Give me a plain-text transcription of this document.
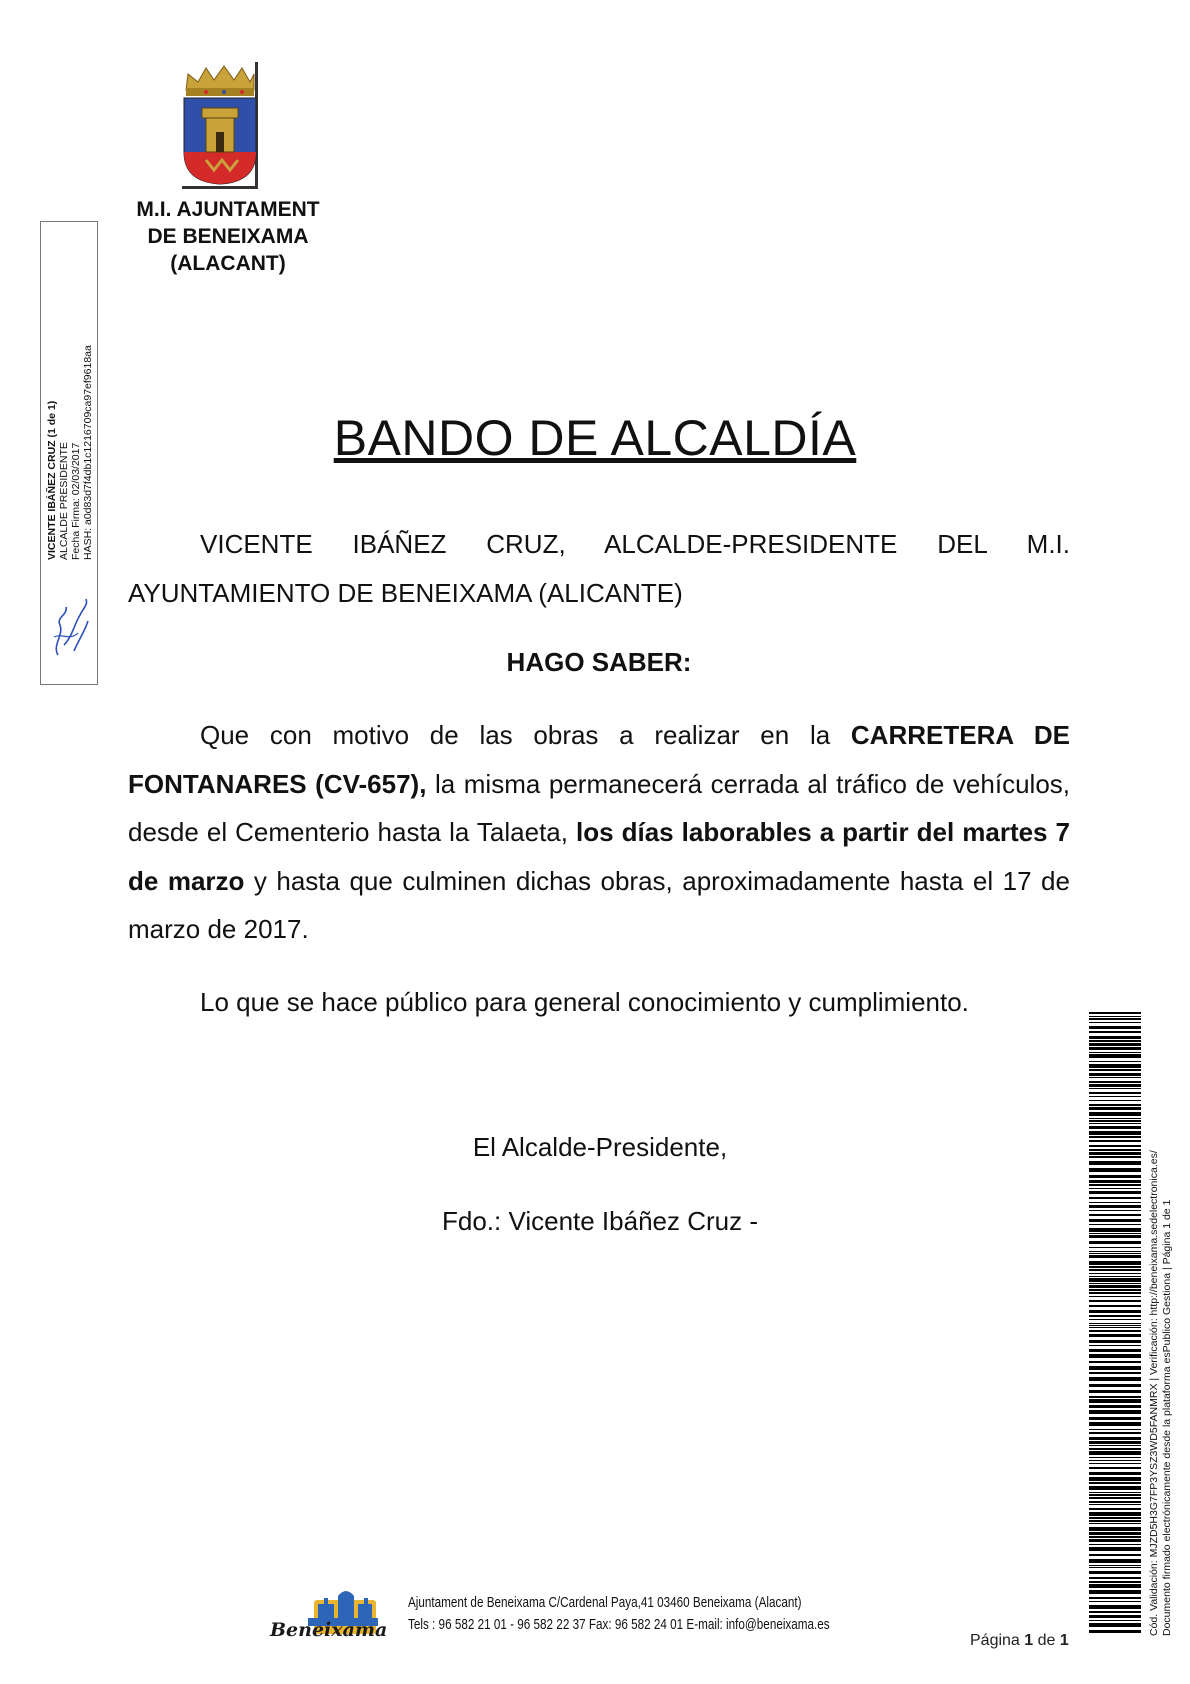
M.I. AJUNTAMENT
DE BENEIXAMA
(ALACANT)
VICENTE IBÁÑEZ CRUZ (1 de 1) ALCALDE PRESIDENTE Fecha Firma: 02/03/2017 HASH: a0d83d7f4db1c1216709ca97ef9618aa	BANDO DE ALCALDÍA
VICENTE IBÁÑEZ CRUZ, ALCALDE-PRESIDENTE DEL M.I. AYUNTAMIENTO DE BENEIXAMA (ALICANTE)
HAGO SABER:
Que con motivo de las obras a realizar en la CARRETERA DE FONTANARES (CV-657), la misma permanecerá cerrada al tráfico de vehículos, desde el Cementerio hasta la Talaeta, los días laborables a partir del martes 7 de marzo y hasta que culminen dichas obras, aproximadamente hasta el 17 de marzo de 2017.
Lo que se hace público para general conocimiento y cumplimiento.
El Alcalde-Presidente,
Fdo.: Vicente Ibáñez Cruz -	Cód. Validación: MJZD5H3G7FP3YSZ3WD5FANMRX | Verificación: http://beneixama.sedelectronica.es/ Documento firmado electrónicamente desde la plataforma esPublico Gestiona | Página 1 de 1
Beneixama
Ajuntament de Beneixama C/Cardenal Paya,41 03460 Beneixama (Alacant)
Tels : 96 582 21 01 - 96 582 22 37 Fax: 96 582 24 01 E-mail: info@beneixama.es
Página 1 de 1
